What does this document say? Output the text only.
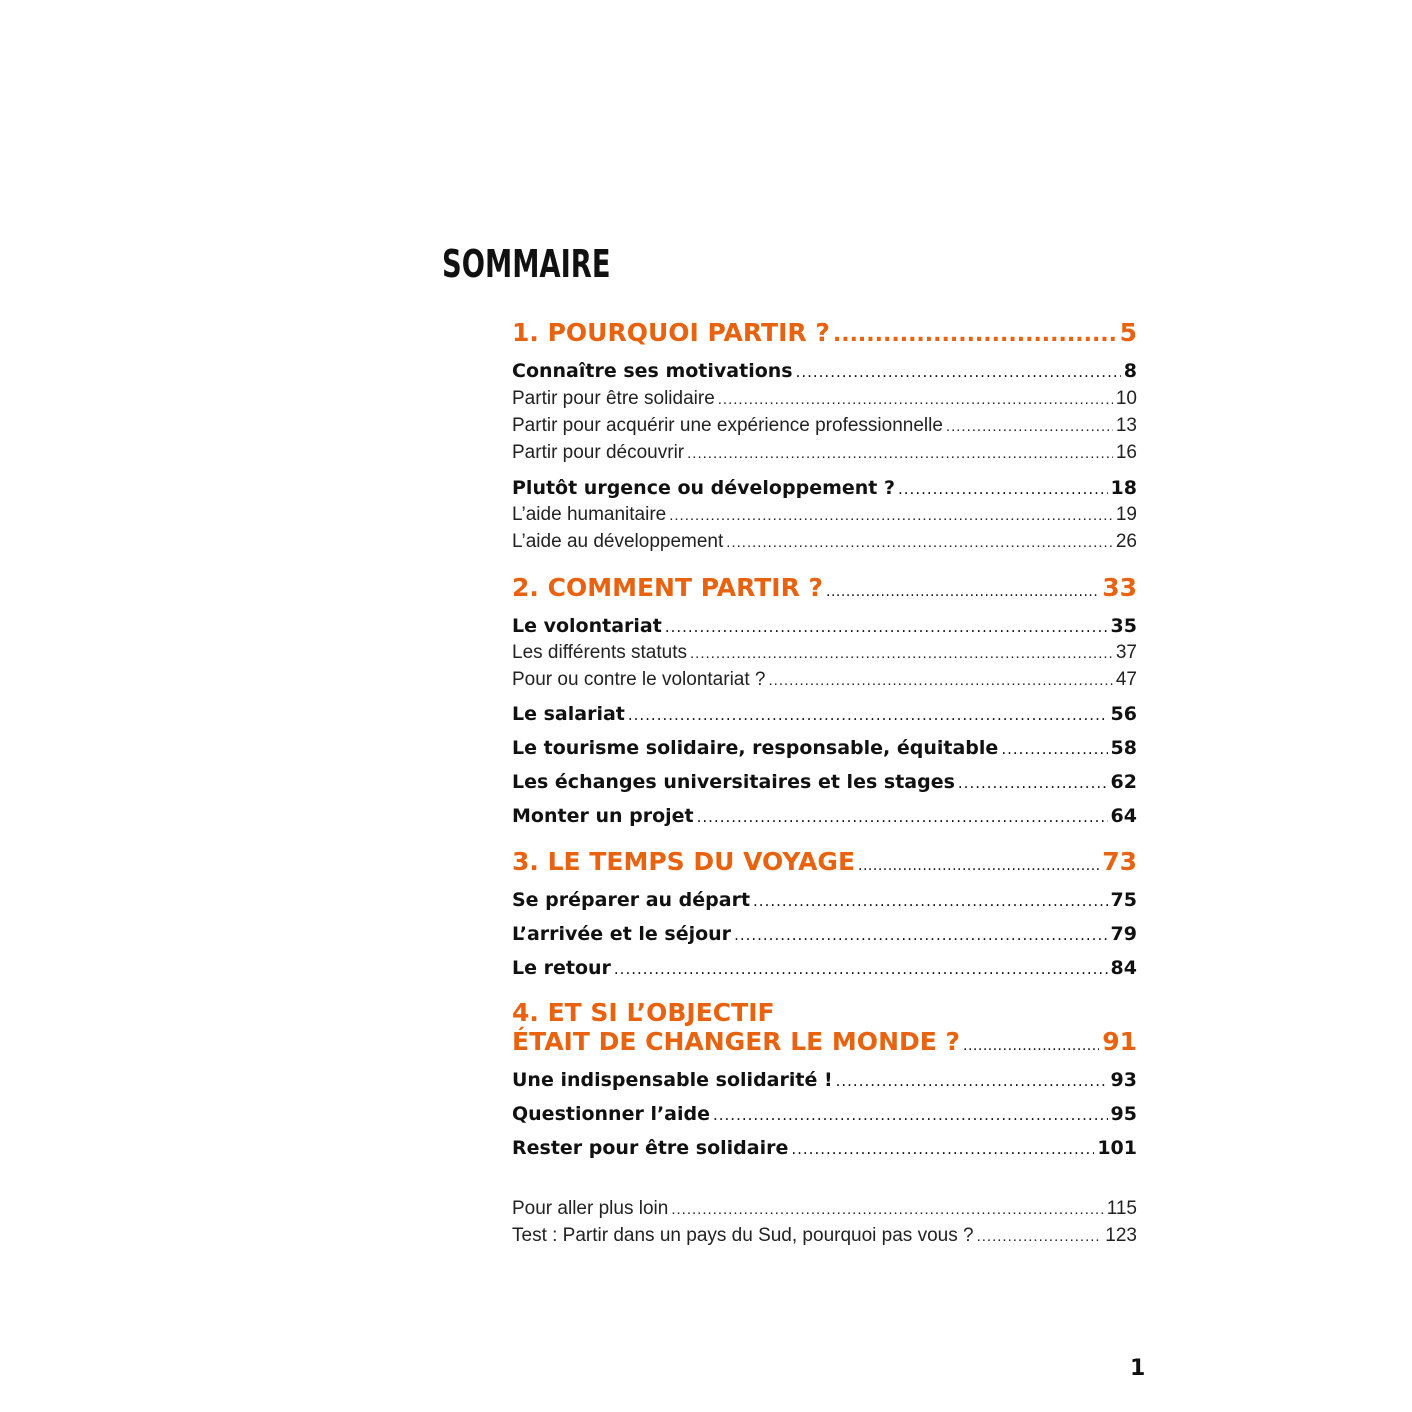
SOMMAIRE
1. POURQUOI PARTIR ? .....	5
Connaître ses motivations .....	8
Partir pour être solidaire .....	10
Partir pour acquérir une expérience professionnelle .....	13
Partir pour découvrir .....	16
Plutôt urgence ou développement ? .....	18
L’aide humanitaire .....	19
L’aide au développement .....	26
2. COMMENT PARTIR ? .....	33
Le volontariat .....	35
Les différents statuts .....	37
Pour ou contre le volontariat ? .....	47
Le salariat .....	56
Le tourisme solidaire, responsable, équitable .....	58
Les échanges universitaires et les stages .....	62
Monter un projet .....	64
3. LE TEMPS DU VOYAGE .....	73
Se préparer au départ .....	75
L’arrivée et le séjour .....	79
Le retour .....	84
4. ET SI L’OBJECTIF
ÉTAIT DE CHANGER LE MONDE ? .....	91
Une indispensable solidarité ! .....	93
Questionner l’aide .....	95
Rester pour être solidaire .....	101
Pour aller plus loin .....	115
Test : Partir dans un pays du Sud, pourquoi pas vous ? .....	123
1
